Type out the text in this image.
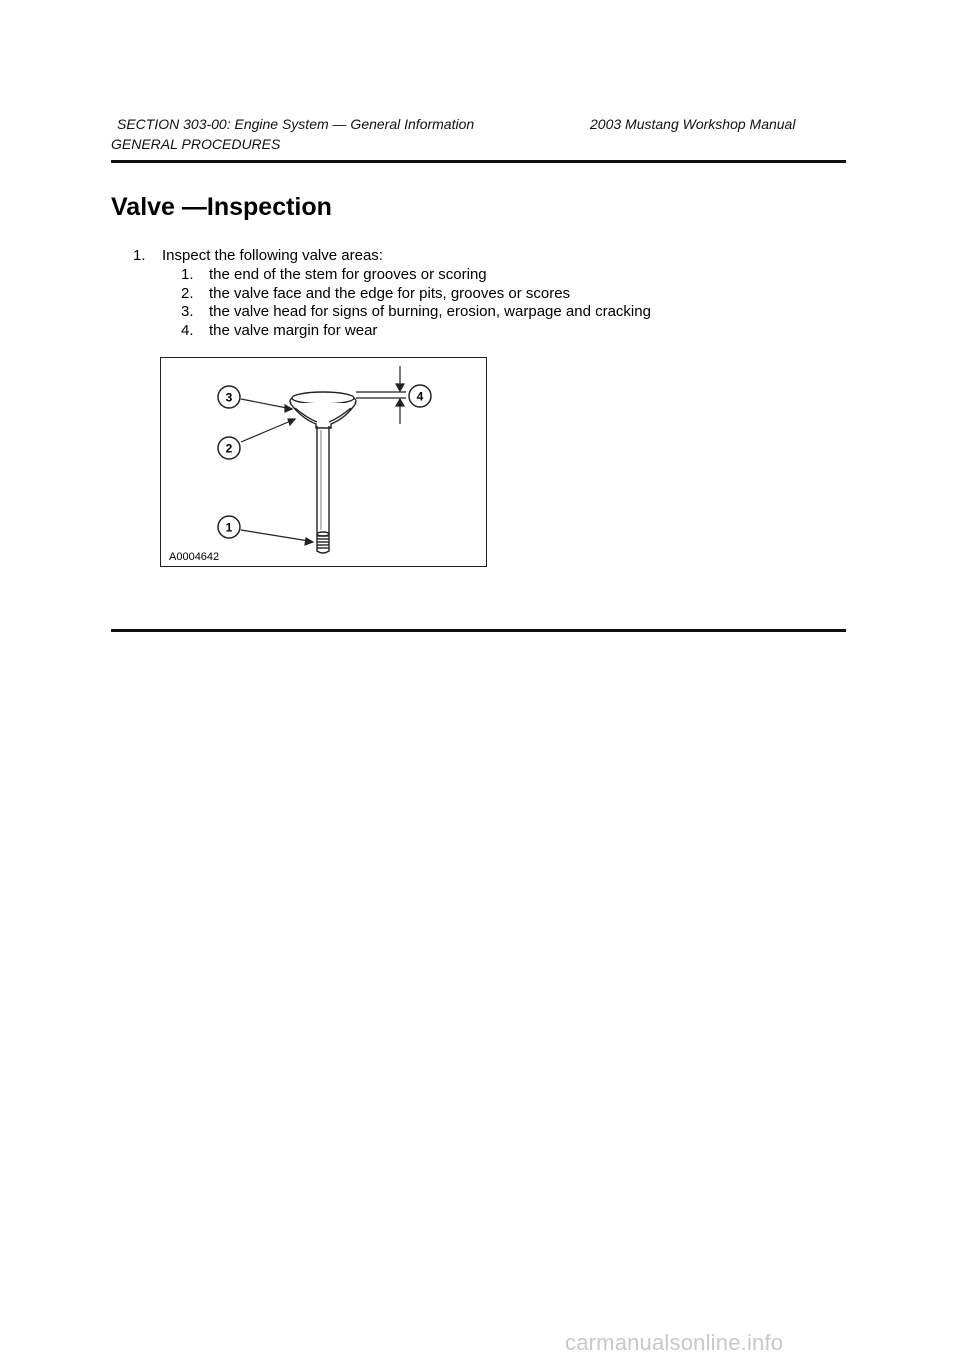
SECTION 303-00: Engine System — General Information	2003 Mustang Workshop Manual
GENERAL PROCEDURES
Valve —Inspection
1. Inspect the following valve areas:
1. the end of the stem for grooves or scoring
2. the valve face and the edge for pits, grooves or scores
3. the valve head for signs of burning, erosion, warpage and cracking
4. the valve margin for wear
3
2
1
4
A0004642
carmanualsonline.info
